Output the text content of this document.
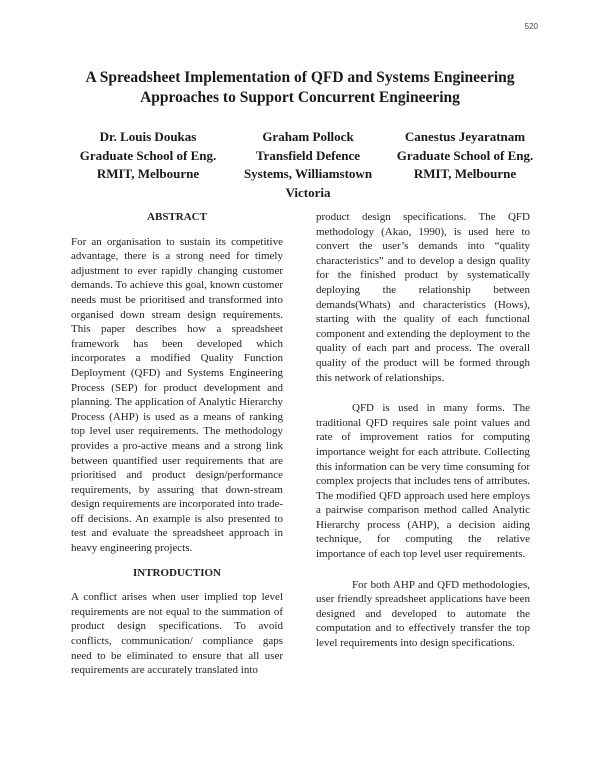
520
A Spreadsheet Implementation of QFD and Systems Engineering
Approaches to Support Concurrent Engineering
Dr. Louis Doukas
Graduate School of Eng.
RMIT, Melbourne
Graham Pollock
Transfield Defence
Systems, Williamstown
Victoria
Canestus Jeyaratnam
Graduate School of Eng.
RMIT, Melbourne
ABSTRACT

For an organisation to sustain its competitive advantage, there is a strong need for timely adjustment to ever rapidly changing customer demands. To achieve this goal, known customer needs must be prioritised and transformed into organised down stream design requirements. This paper describes how a spreadsheet framework has been developed which incorporates a modified Quality Function Deployment (QFD) and Systems Engineering Process (SEP) for product development and planning. The application of Analytic Hierarchy Process (AHP) is used as a means of ranking top level user requirements. The methodology provides a pro-active means and a strong link between quantified user requirements that are prioritised and product design/performance requirements, by assuring that down-stream design requirements are incorporated into trade-off decisions. An example is also presented to test and evaluate the spreadsheet approach in heavy engineering projects.

INTRODUCTION

A conflict arises when user implied top level requirements are not equal to the summation of product design specifications. To avoid conflicts, communication/ compliance gaps need to be eliminated to ensure that all user requirements are accurately translated into

product design specifications. The QFD methodology (Akao, 1990), is used here to convert the user’s demands into “quality characteristics” and to develop a design quality for the finished product by systematically deploying the relationship between demands(Whats) and characteristics (Hows), starting with the quality of each functional component and extending the deployment to the quality of each part and process. The overall quality of the product will be formed through this network of relationships.

QFD is used in many forms. The traditional QFD requires sale point values and rate of improvement ratios for computing importance weight for each attribute. Collecting this information can be very time consuming for complex projects that includes tens of attributes. The modified QFD approach used here employs a pairwise comparison method called Analytic Hierarchy process (AHP), a decision aiding technique, for computing the relative importance of each top level user requirements.

For both AHP and QFD methodologies, user friendly spreadsheet applications have been designed and developed to automate the computation and to effectively transfer the top level requirements into design specifications.
